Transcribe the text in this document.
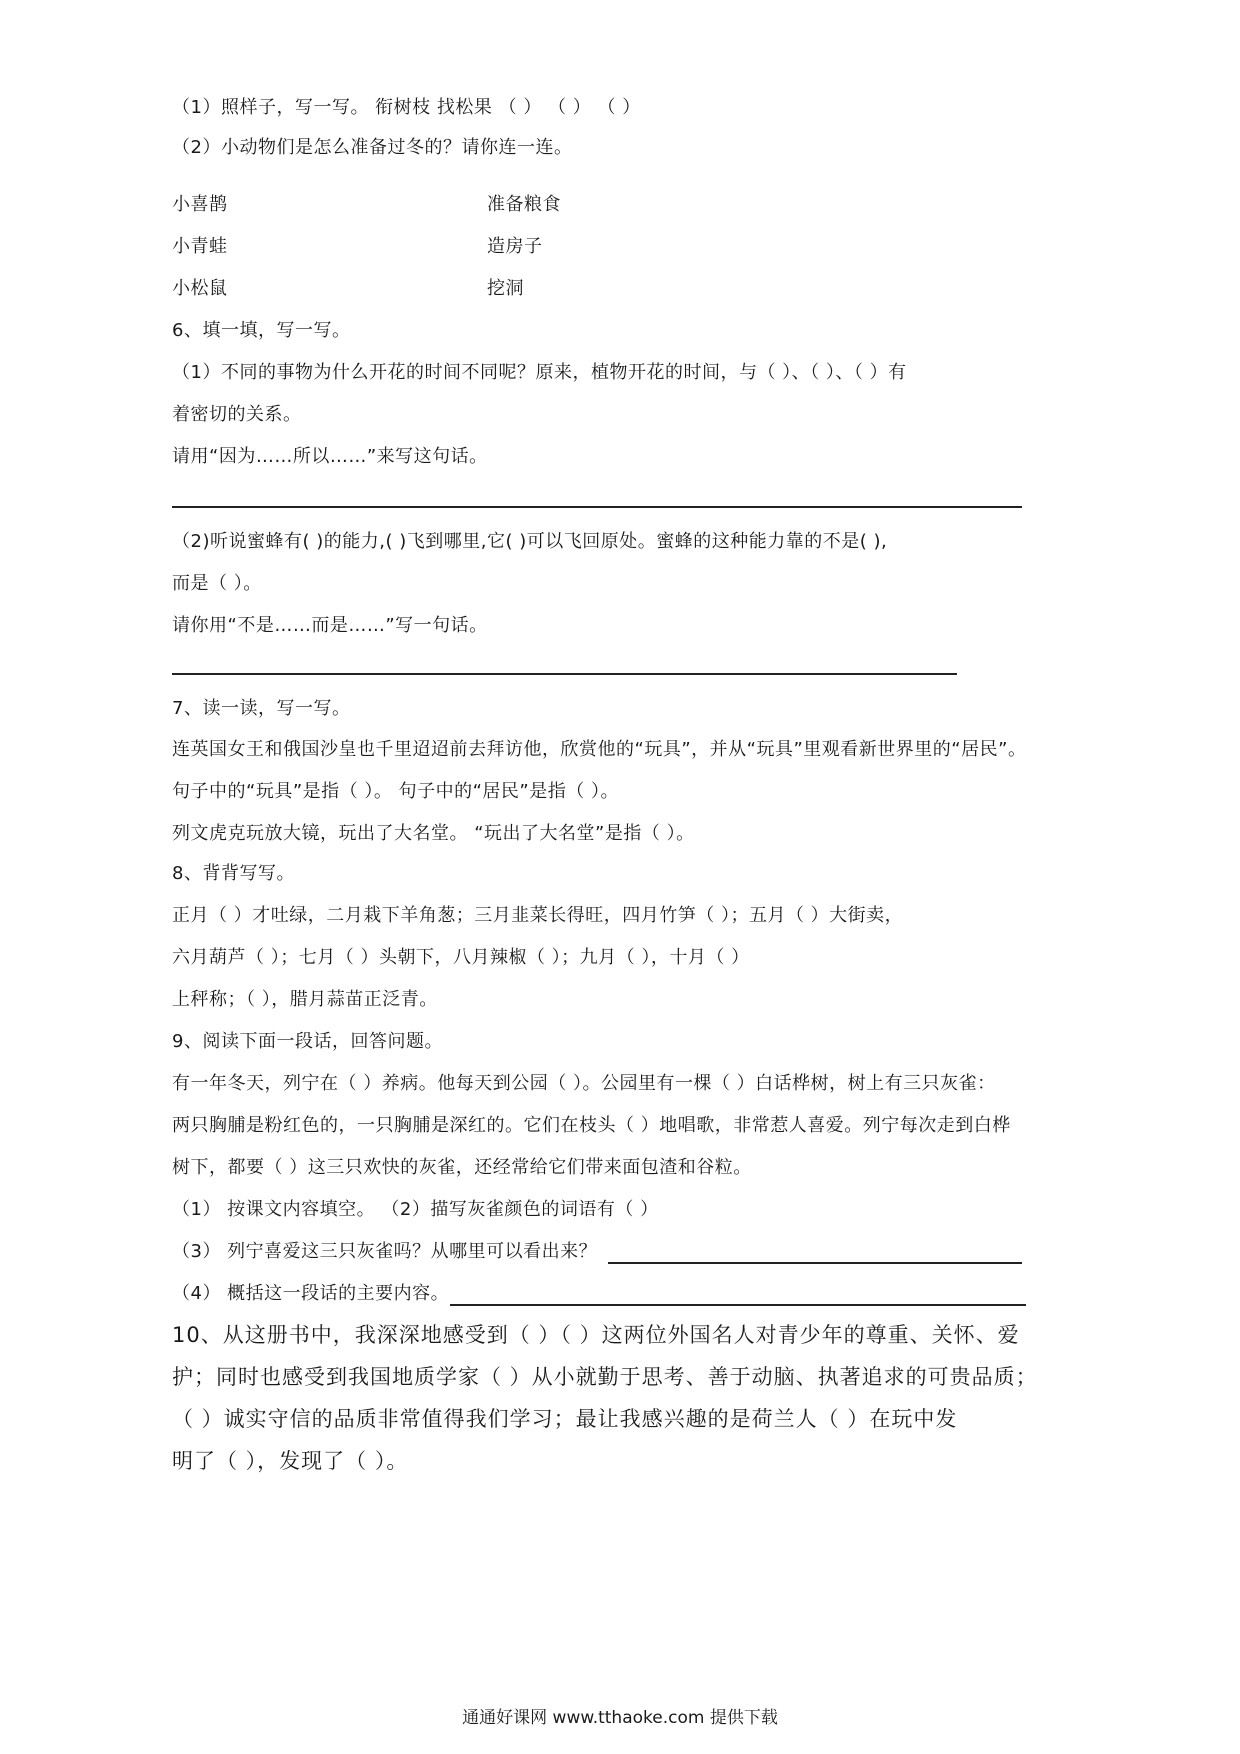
（1）照样子，写一写。 衔树枝 找松果 （ ） （ ） （ ）
（2）小动物们是怎么准备过冬的？请你连一连。
小喜鹊	准备粮食
小青蛙	造房子
小松鼠	挖洞
6、填一填，写一写。
（1）不同的事物为什么开花的时间不同呢？原来，植物开花的时间，与（ ）、（ ）、（ ）有
着密切的关系。
请用“因为……所以……”来写这句话。
（2)听说蜜蜂有( )的能力,( )飞到哪里,它( )可以飞回原处。蜜蜂的这种能力靠的不是( ),
而是（ ）。
请你用“不是……而是……”写一句话。
7、读一读，写一写。
连英国女王和俄国沙皇也千里迢迢前去拜访他，欣赏他的“玩具”，并从“玩具”里观看新世界里的“居民”。
句子中的“玩具”是指（ ）。 句子中的“居民”是指（ ）。
列文虎克玩放大镜，玩出了大名堂。 “玩出了大名堂”是指（ ）。
8、背背写写。
正月（ ）才吐绿，二月栽下羊角葱；三月韭菜长得旺，四月竹笋（ ）；五月（ ）大街卖，
六月葫芦（ ）；七月（ ）头朝下，八月辣椒（ ）；九月（ ），十月（ ）
上秤称；（ ），腊月蒜苗正泛青。
9、阅读下面一段话，回答问题。
有一年冬天，列宁在（ ）养病。他每天到公园（ ）。公园里有一棵（ ）白话桦树，树上有三只灰雀：
两只胸脯是粉红色的，一只胸脯是深红的。它们在枝头（ ）地唱歌，非常惹人喜爱。列宁每次走到白桦
树下，都要（ ）这三只欢快的灰雀，还经常给它们带来面包渣和谷粒。
（1） 按课文内容填空。 （2）描写灰雀颜色的词语有（ ）
（3） 列宁喜爱这三只灰雀吗？从哪里可以看出来？
（4） 概括这一段话的主要内容。
10、从这册书中，我深深地感受到（ ）（ ）这两位外国名人对青少年的尊重、关怀、爱
护；同时也感受到我国地质学家（ ）从小就勤于思考、善于动脑、执著追求的可贵品质；
（ ）诚实守信的品质非常值得我们学习；最让我感兴趣的是荷兰人（ ）在玩中发
明了（ ），发现了（ ）。
通通好课网 www.tthaoke.com 提供下载
